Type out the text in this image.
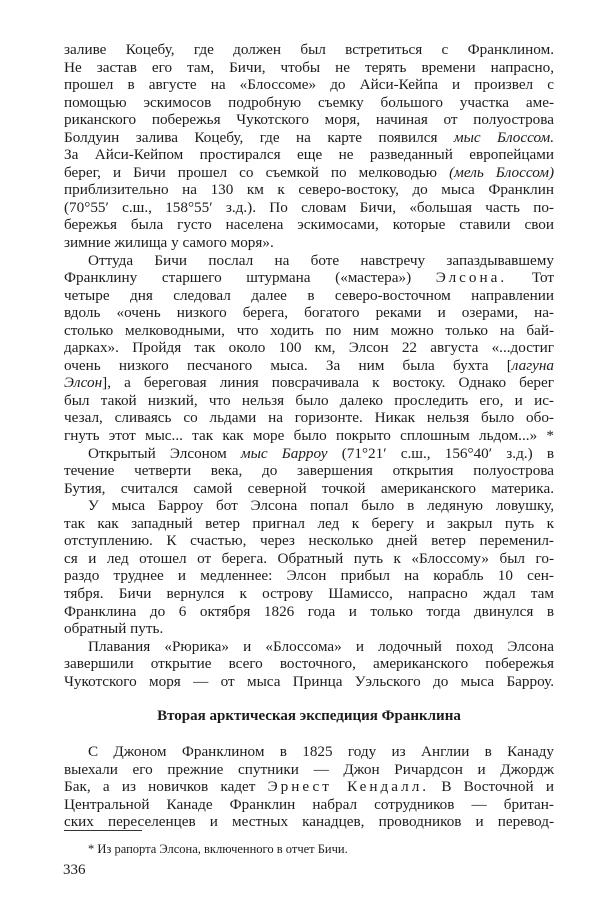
заливе Коцебу, где должен был встретиться с Франклином.
Не застав его там, Бичи, чтобы не терять времени напрасно,
прошел в августе на «Блоссоме» до Айси-Кейпа и произвел с
помощью эскимосов подробную съемку большого участка аме-
риканского побережья Чукотского моря, начиная от полуострова
Болдуин залива Коцебу, где на карте появился мыс Блоссом.
За Айси-Кейпом простирался еще не разведанный европейцами
берег, и Бичи прошел со съемкой по мелководью (мель Блоссом)
приблизительно на 130 км к северо-востоку, до мыса Франклин
(70°55′ с.ш., 158°55′ з.д.). По словам Бичи, «большая часть по-
бережья была густо населена эскимосами, которые ставили свои
зимние жилища у самого моря».
Оттуда Бичи послал на боте навстречу запаздывавшему
Франклину старшего штурмана («мастера») Элсона. Тот
четыре дня следовал далее в северо-восточном направлении
вдоль «очень низкого берега, богатого реками и озерами, на-
столько мелководными, что ходить по ним можно только на бай-
дарках». Пройдя так около 100 км, Элсон 22 августа «...достиг
очень низкого песчаного мыса. За ним была бухта [лагуна
Элсон], а береговая линия повсрачивала к востоку. Однако берег
был такой низкий, что нельзя было далеко проследить его, и ис-
чезал, сливаясь со льдами на горизонте. Никак нельзя было обо-
гнуть этот мыс... так как море было покрыто сплошным льдом...» *
Открытый Элсоном мыс Барроу (71°21′ с.ш., 156°40′ з.д.) в
течение четверти века, до завершения открытия полуострова
Бутия, считался самой северной точкой американского материка.
У мыса Барроу бот Элсона попал было в ледяную ловушку,
так как западный ветер пригнал лед к берегу и закрыл путь к
отступлению. К счастью, через несколько дней ветер переменил-
ся и лед отошел от берега. Обратный путь к «Блоссому» был го-
раздо труднее и медленнее: Элсон прибыл на корабль 10 сен-
тября. Бичи вернулся к острову Шамиссо, напрасно ждал там
Франклина до 6 октября 1826 года и только тогда двинулся в
обратный путь.
Плавания «Рюрика» и «Блоссома» и лодочный поход Элсона
завершили открытие всего восточного, американского побережья
Чукотского моря — от мыса Принца Уэльского до мыса Барроу.
Вторая арктическая экспедиция Франклина
С Джоном Франклином в 1825 году из Англии в Канаду
выехали его прежние спутники — Джон Ричардсон и Джордж
Бак, а из новичков кадет Эрнест Кендалл. В Восточной и
Центральной Канаде Франклин набрал сотрудников — британ-
ских переселенцев и местных канадцев, проводников и перевод-
* Из рапорта Элсона, включенного в отчет Бичи.
336
